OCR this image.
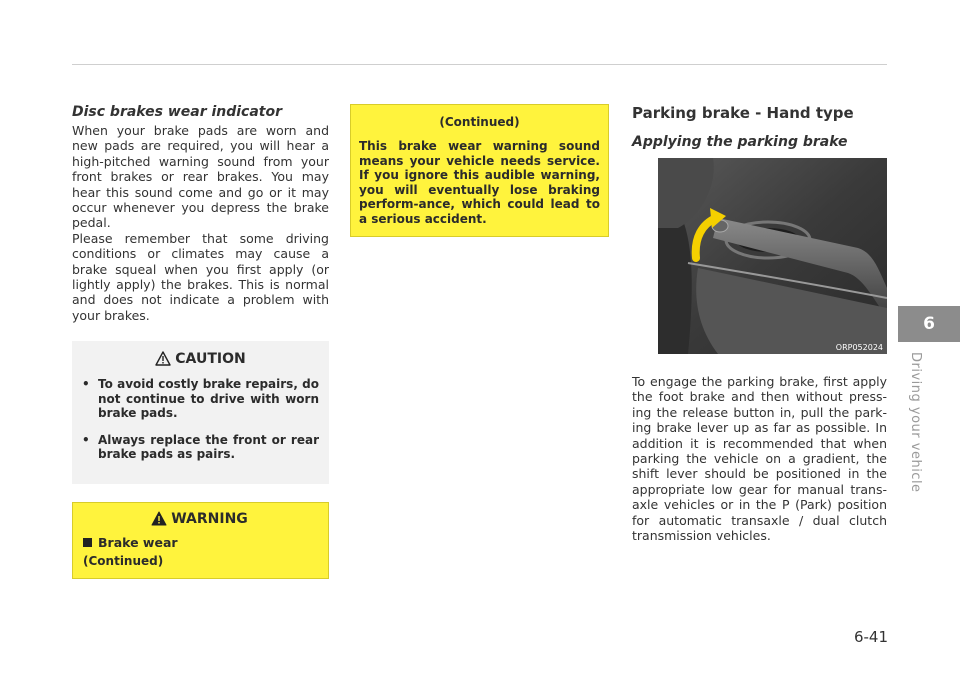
Disc brakes wear indicator

When your brake pads are worn and new pads are required, you will hear a high-pitched warning sound from your front brakes or rear brakes. You may hear this sound come and go or it may occur whenever you depress the brake pedal.

Please remember that some driving conditions or climates may cause a brake squeal when you first apply (or lightly apply) the brakes. This is normal and does not indicate a problem with your brakes.

CAUTION

• To avoid costly brake repairs, do not continue to drive with worn brake pads.
• Always replace the front or rear brake pads as pairs.

WARNING

Brake wear

(Continued)

(Continued)

This brake wear warning sound means your vehicle needs service. If you ignore this audible warning, you will eventually lose braking perform-ance, which could lead to a serious accident.

Parking brake - Hand type

Applying the parking brake

ORP052024

To engage the parking brake, first apply the foot brake and then without press-ing the release button in, pull the park-ing brake lever up as far as possible. In addition it is recommended that when parking the vehicle on a gradient, the shift lever should be positioned in the appropriate low gear for manual trans-axle vehicles or in the P (Park) position for automatic transaxle / dual clutch transmission vehicles.

6
Driving your vehicle
6-41
